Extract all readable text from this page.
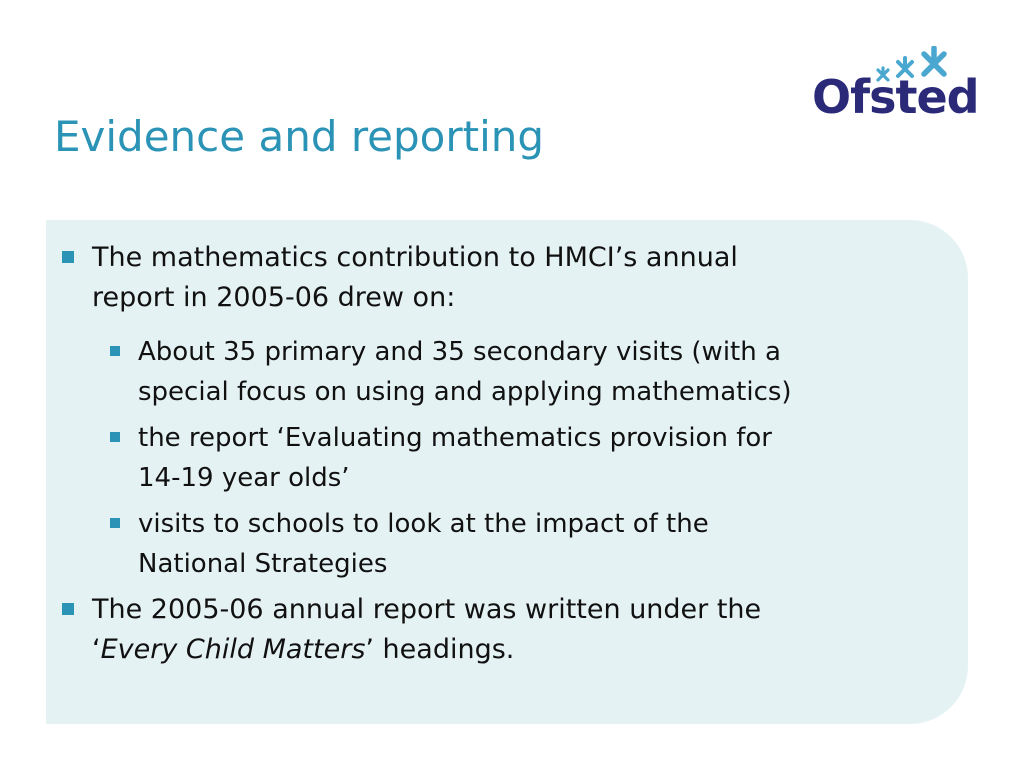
Evidence and reporting
Ofsted
The mathematics contribution to HMCI’s annual
report in 2005-06 drew on:
About 35 primary and 35 secondary visits (with a
special focus on using and applying mathematics)
the report ‘Evaluating mathematics provision for
14-19 year olds’
visits to schools to look at the impact of the
National Strategies
The 2005-06 annual report was written under the
‘Every Child Matters’ headings.
